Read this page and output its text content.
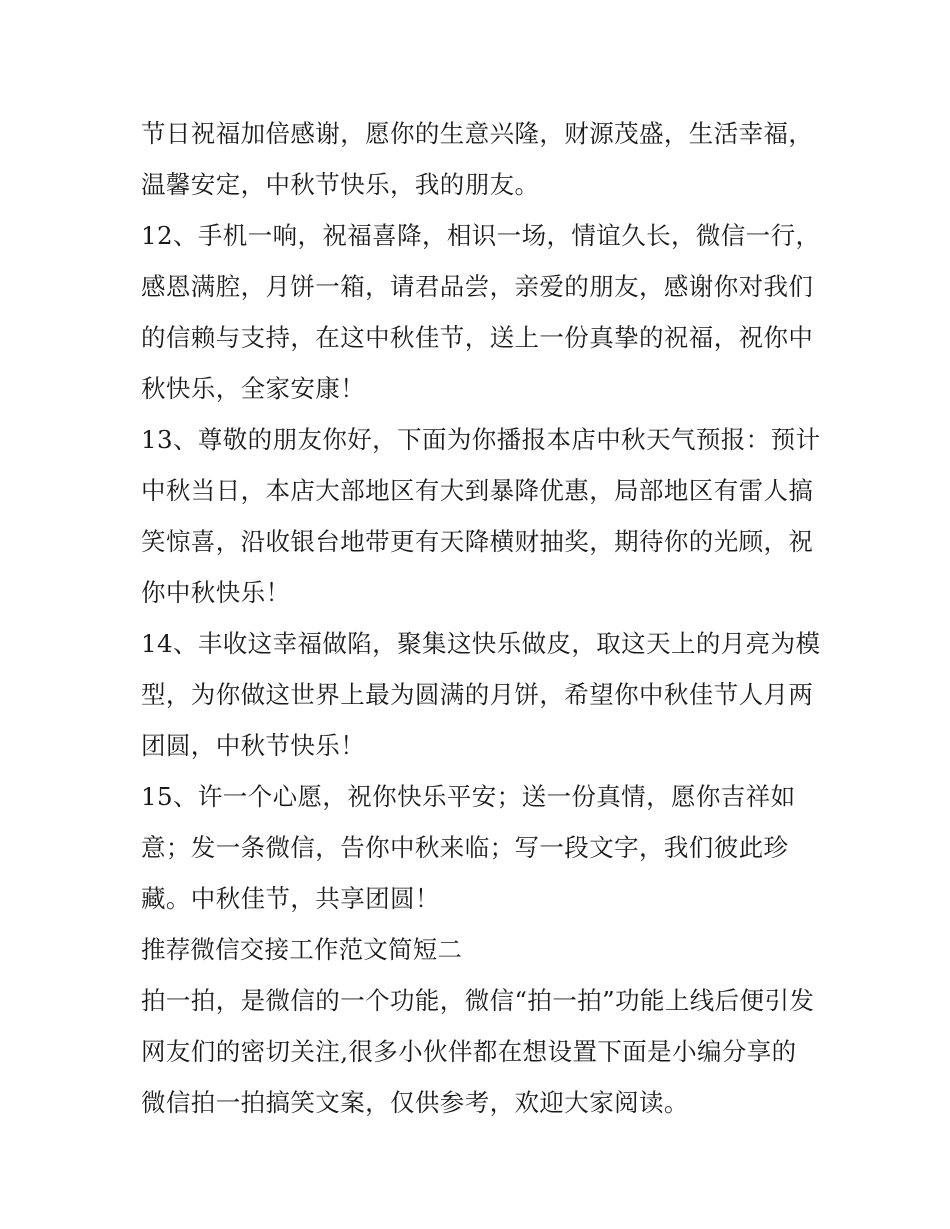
节日祝福加倍感谢，愿你的生意兴隆，财源茂盛，生活幸福，
温馨安定，中秋节快乐，我的朋友。
12、手机一响，祝福喜降，相识一场，情谊久长，微信一行，
感恩满腔，月饼一箱，请君品尝，亲爱的朋友，感谢你对我们
的信赖与支持，在这中秋佳节，送上一份真挚的祝福，祝你中
秋快乐，全家安康！
13、尊敬的朋友你好，下面为你播报本店中秋天气预报：预计
中秋当日，本店大部地区有大到暴降优惠，局部地区有雷人搞
笑惊喜，沿收银台地带更有天降横财抽奖，期待你的光顾，祝
你中秋快乐！
14、丰收这幸福做陷，聚集这快乐做皮，取这天上的月亮为模
型，为你做这世界上最为圆满的月饼，希望你中秋佳节人月两
团圆，中秋节快乐！
15、许一个心愿，祝你快乐平安；送一份真情，愿你吉祥如
意；发一条微信，告你中秋来临；写一段文字，我们彼此珍
藏。中秋佳节，共享团圆！
推荐微信交接工作范文简短二
拍一拍，是微信的一个功能，微信“拍一拍”功能上线后便引发
网友们的密切关注,很多小伙伴都在想设置下面是小编分享的
微信拍一拍搞笑文案，仅供参考，欢迎大家阅读。
